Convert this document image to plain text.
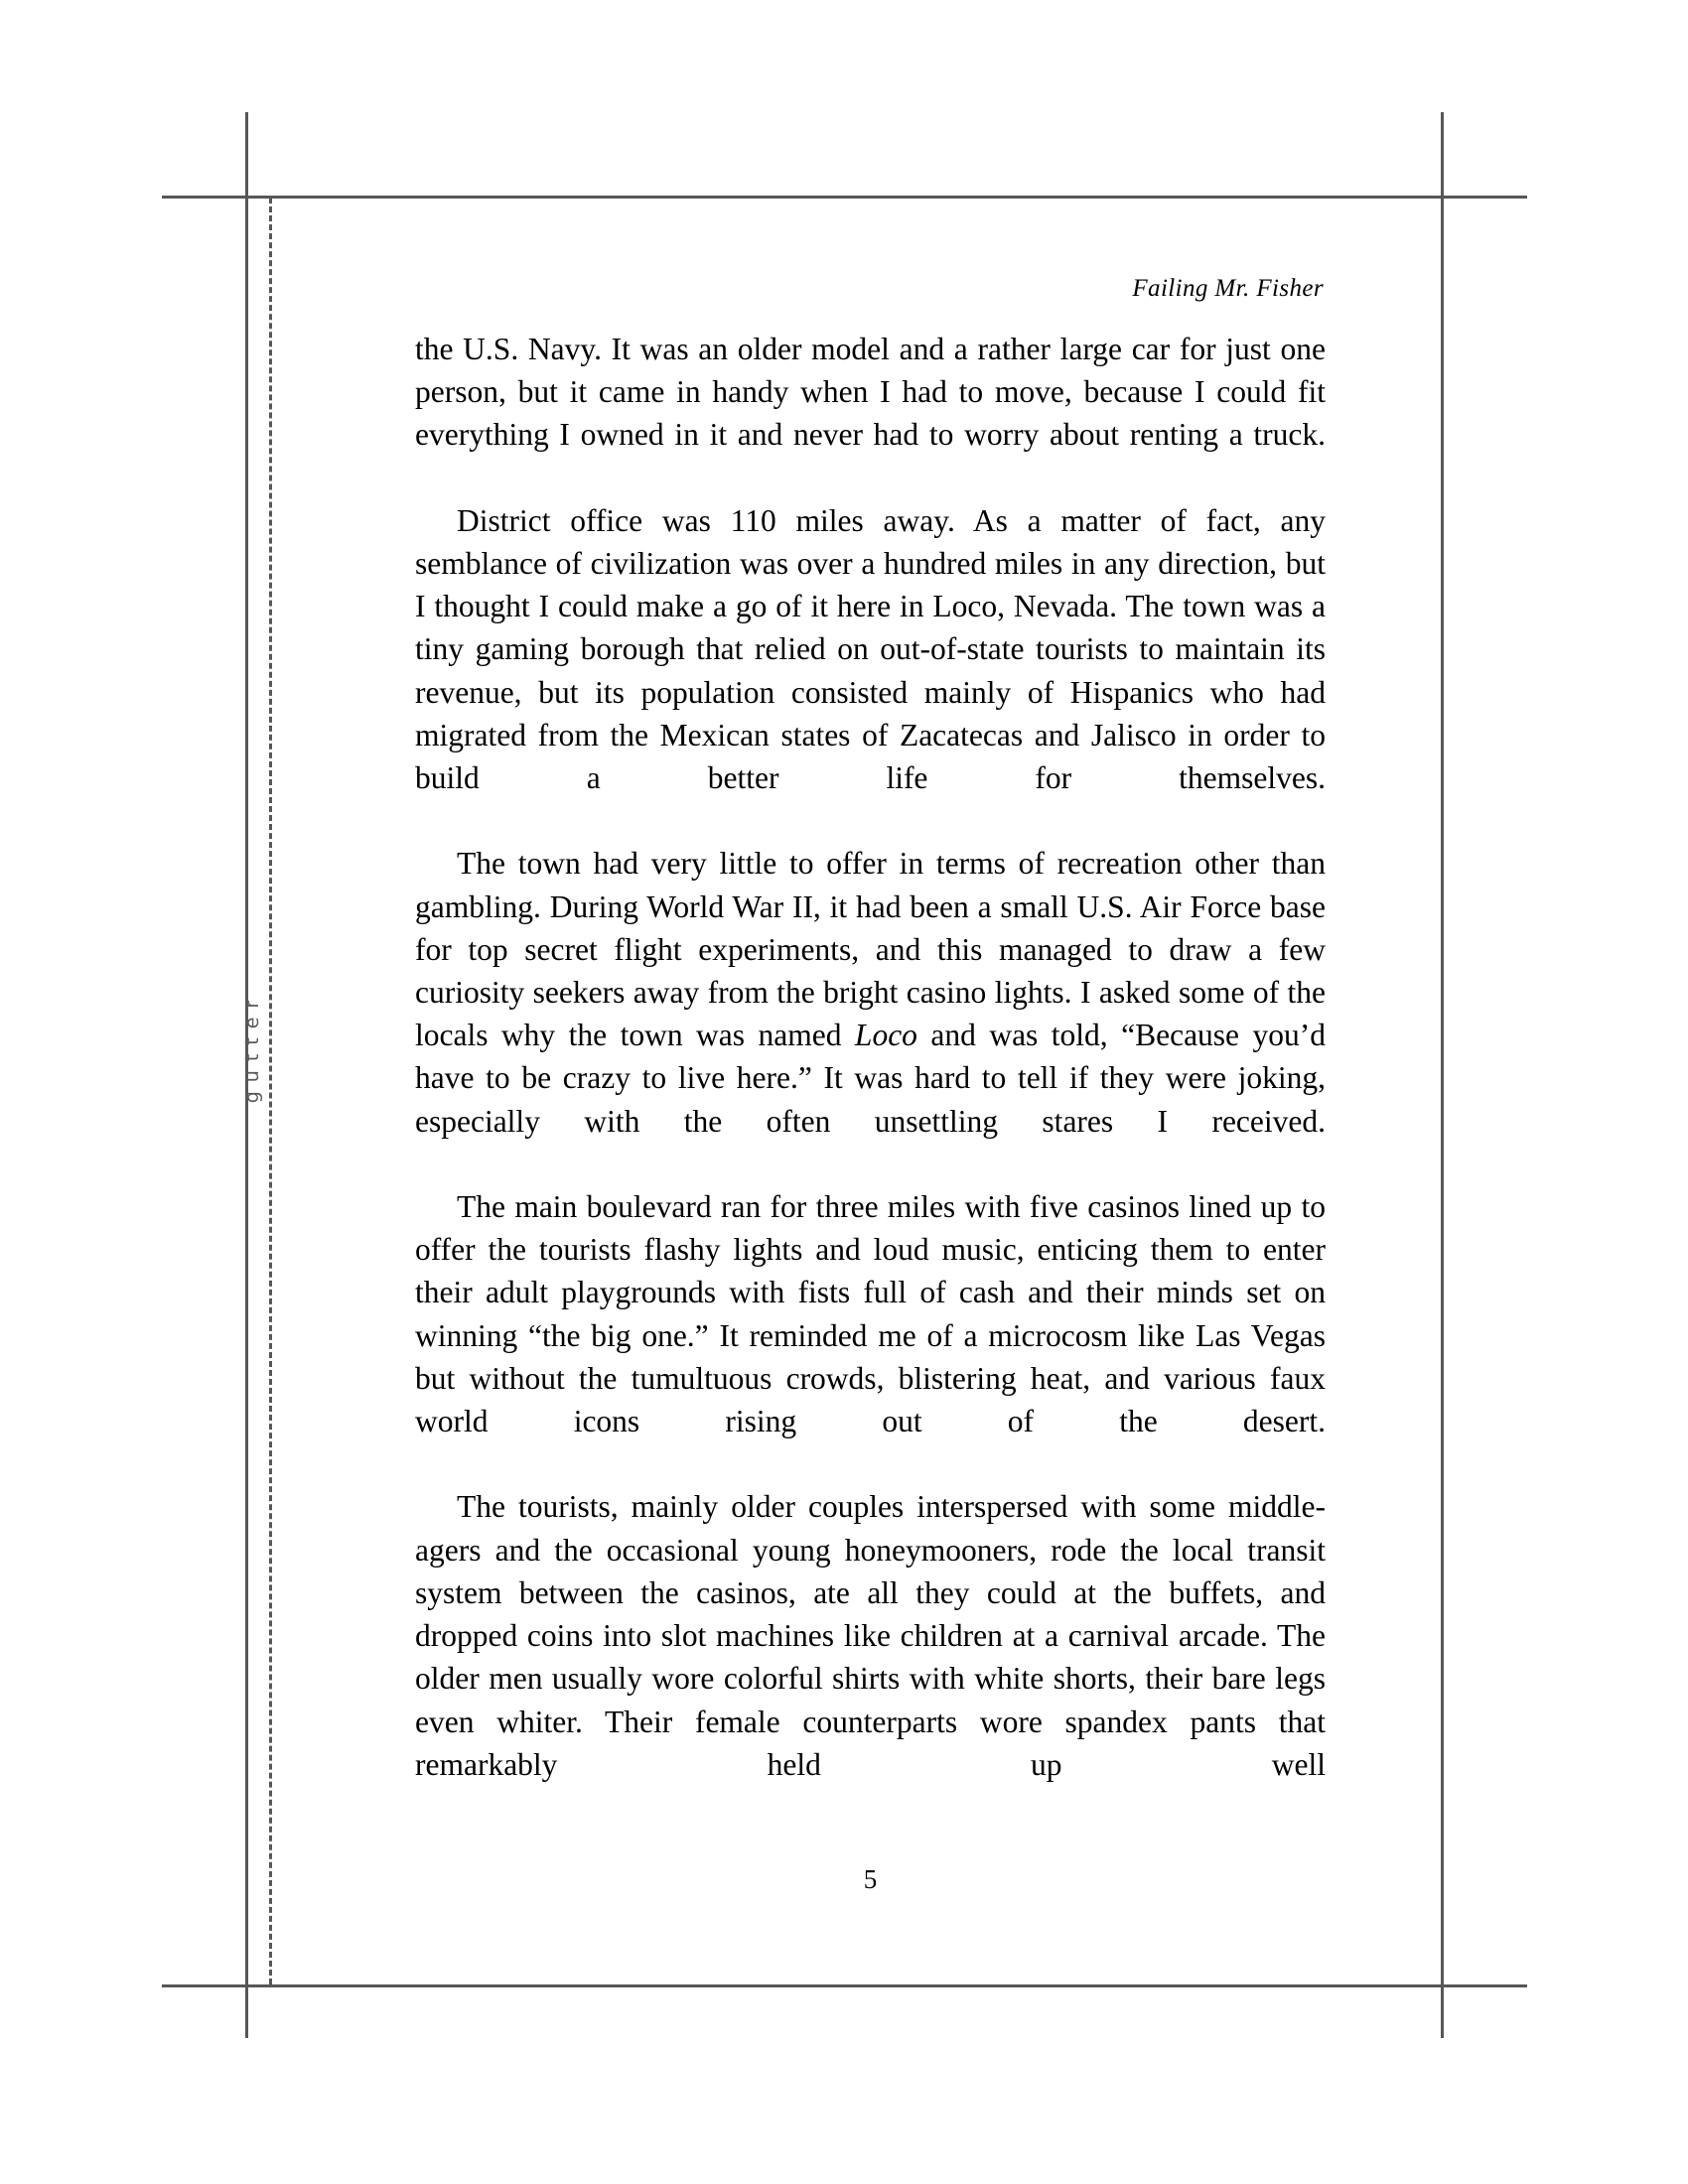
gutter
Failing Mr. Fisher

the U.S. Navy. It was an older model and a rather large car for just one person, but it came in handy when I had to move, because I could fit everything I owned in it and never had to worry about renting a truck.

District office was 110 miles away. As a matter of fact, any semblance of civilization was over a hundred miles in any direction, but I thought I could make a go of it here in Loco, Nevada. The town was a tiny gaming borough that relied on out-of-state tourists to maintain its revenue, but its population consisted mainly of Hispanics who had migrated from the Mexican states of Zacatecas and Jalisco in order to build a better life for themselves.

The town had very little to offer in terms of recreation other than gambling. During World War II, it had been a small U.S. Air Force base for top secret flight experiments, and this managed to draw a few curiosity seekers away from the bright casino lights. I asked some of the locals why the town was named Loco and was told, “Because you’d have to be crazy to live here.” It was hard to tell if they were joking, especially with the often unsettling stares I received.

The main boulevard ran for three miles with five casinos lined up to offer the tourists flashy lights and loud music, enticing them to enter their adult playgrounds with fists full of cash and their minds set on winning “the big one.” It reminded me of a microcosm like Las Vegas but without the tumultuous crowds, blistering heat, and various faux world icons rising out of the desert.

The tourists, mainly older couples interspersed with some middle-agers and the occasional young honeymooners, rode the local transit system between the casinos, ate all they could at the buffets, and dropped coins into slot machines like children at a carnival arcade. The older men usually wore colorful shirts with white shorts, their bare legs even whiter. Their female counterparts wore spandex pants that remarkably held up well

5
